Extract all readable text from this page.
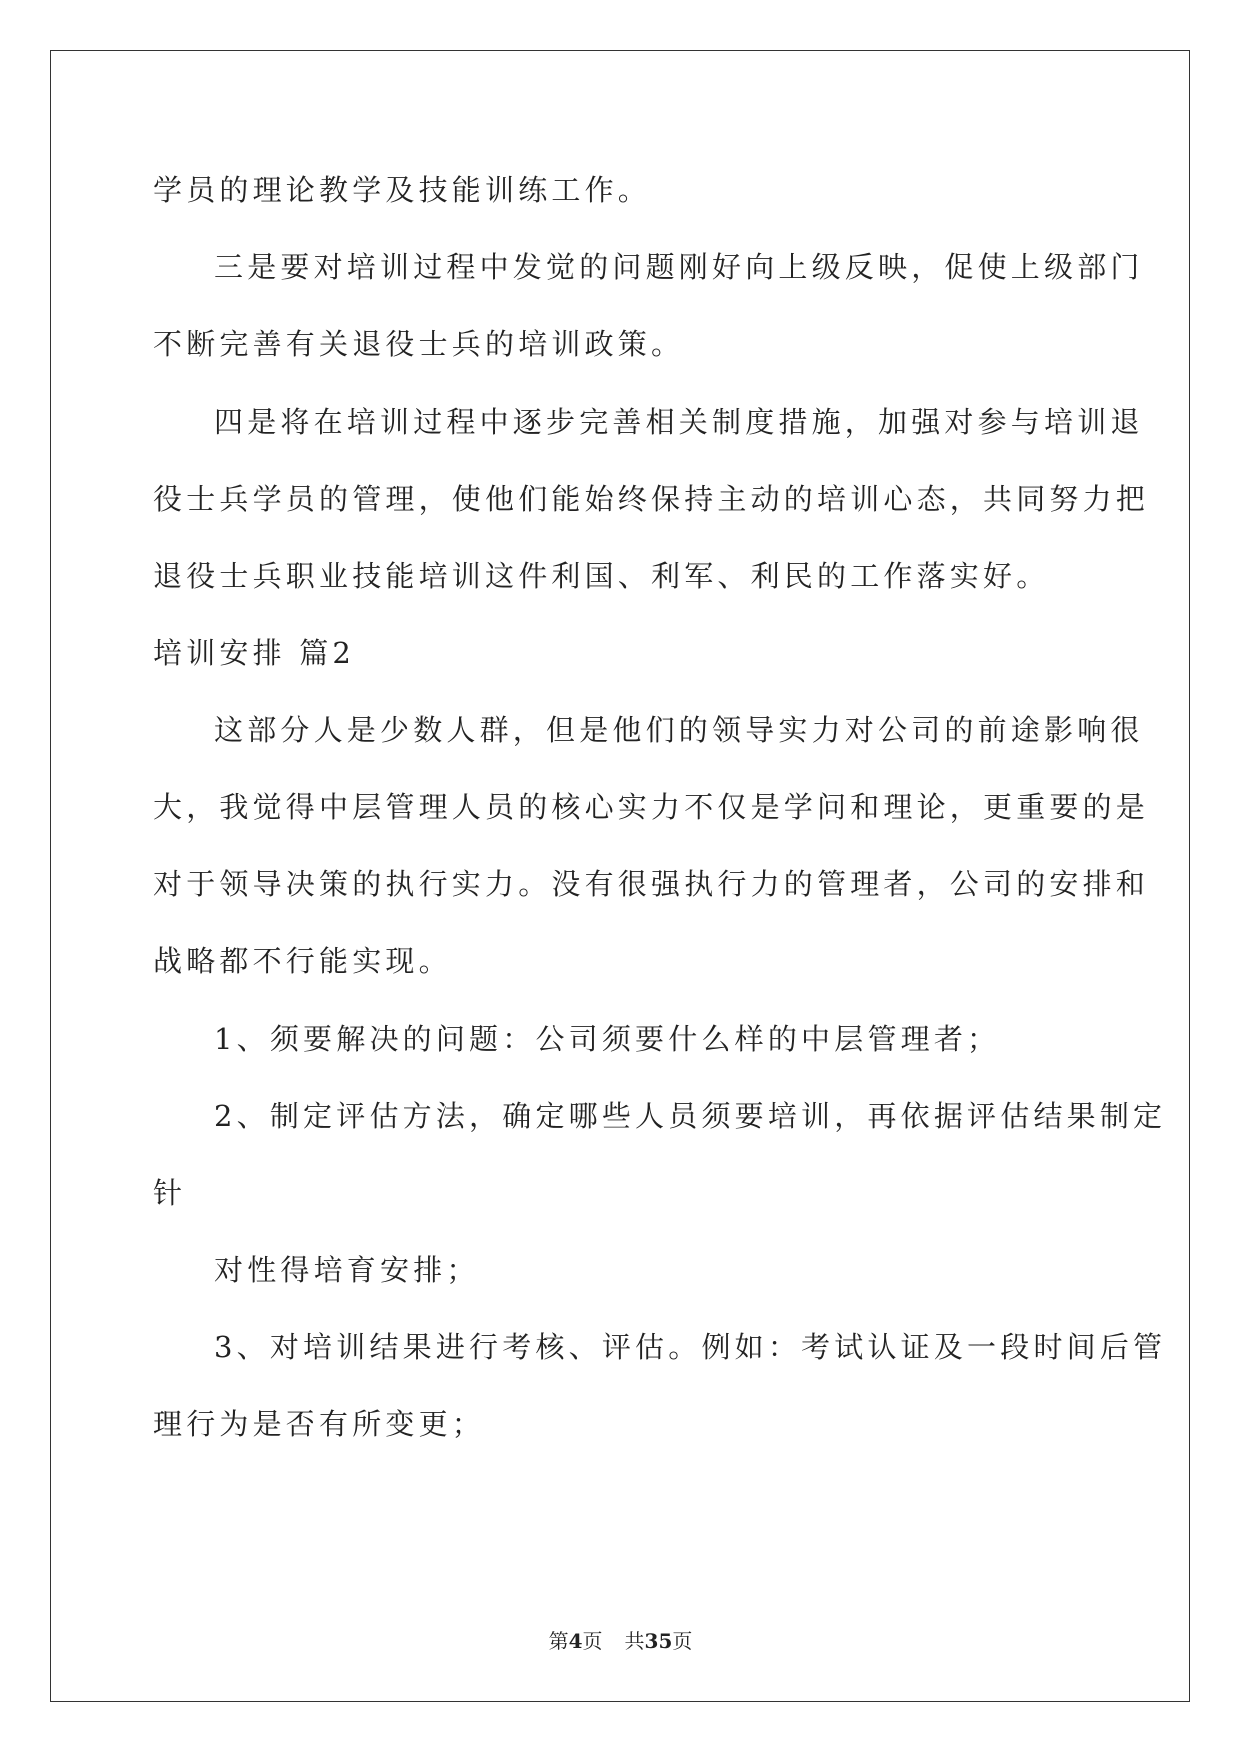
学员的理论教学及技能训练工作。
三是要对培训过程中发觉的问题刚好向上级反映，促使上级部门
不断完善有关退役士兵的培训政策。
四是将在培训过程中逐步完善相关制度措施，加强对参与培训退
役士兵学员的管理，使他们能始终保持主动的培训心态，共同努力把
退役士兵职业技能培训这件利国、利军、利民的工作落实好。
培训安排 篇2
这部分人是少数人群，但是他们的领导实力对公司的前途影响很
大，我觉得中层管理人员的核心实力不仅是学问和理论，更重要的是
对于领导决策的执行实力。没有很强执行力的管理者，公司的安排和
战略都不行能实现。
1、须要解决的问题：公司须要什么样的中层管理者；
2、制定评估方法，确定哪些人员须要培训，再依据评估结果制定
针
对性得培育安排；
3、对培训结果进行考核、评估。例如：考试认证及一段时间后管
理行为是否有所变更；
第4页 共35页
